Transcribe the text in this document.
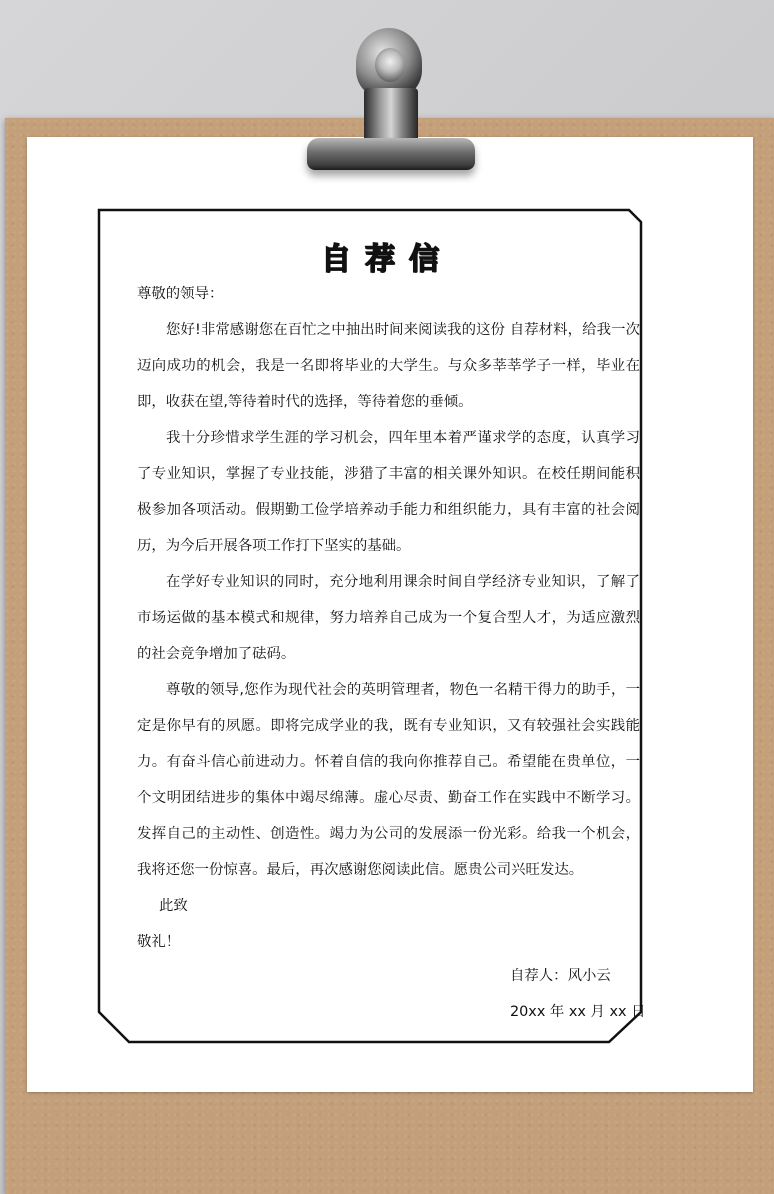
自荐信
尊敬的领导：

您好!非常感谢您在百忙之中抽出时间来阅读我的这份 自荐材料，给我一次迈向成功的机会，我是一名即将毕业的大学生。与众多莘莘学子一样，毕业在即，收获在望,等待着时代的选择，等待着您的垂倾。

我十分珍惜求学生涯的学习机会，四年里本着严谨求学的态度，认真学习了专业知识，掌握了专业技能，涉猎了丰富的相关课外知识。在校任期间能积极参加各项活动。假期勤工俭学培养动手能力和组织能力，具有丰富的社会阅历，为今后开展各项工作打下坚实的基础。

在学好专业知识的同时，充分地利用课余时间自学经济专业知识，了解了市场运做的基本模式和规律，努力培养自己成为一个复合型人才，为适应激烈的社会竞争增加了砝码。

尊敬的领导,您作为现代社会的英明管理者，物色一名精干得力的助手，一定是你早有的夙愿。即将完成学业的我，既有专业知识，又有较强社会实践能力。有奋斗信心前进动力。怀着自信的我向你推荐自己。希望能在贵单位，一个文明团结进步的集体中竭尽绵薄。虚心尽责、勤奋工作在实践中不断学习。发挥自己的主动性、创造性。竭力为公司的发展添一份光彩。给我一个机会，我将还您一份惊喜。最后，再次感谢您阅读此信。愿贵公司兴旺发达。

此致
敬礼！
自荐人：风小云
20xx 年 xx 月 xx 日
